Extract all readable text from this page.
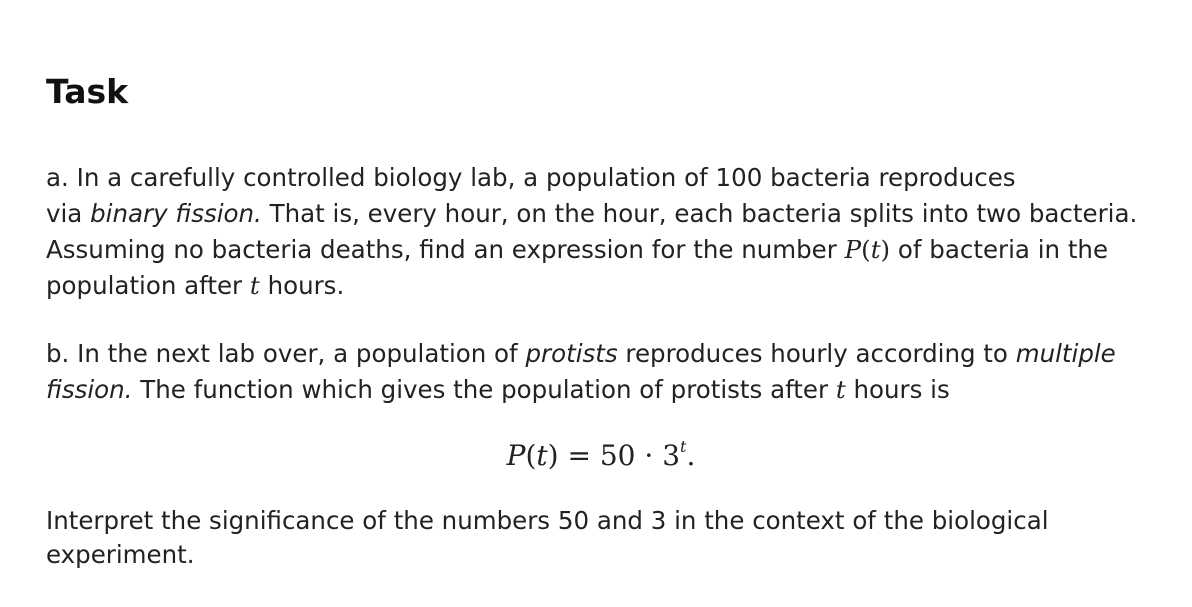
Task

a. In a carefully controlled biology lab, a population of 100 bacteria reproduces
via binary fission. That is, every hour, on the hour, each bacteria splits into two bacteria.
Assuming no bacteria deaths, find an expression for the number P(t) of bacteria in the
population after t hours.

b. In the next lab over, a population of protists reproduces hourly according to multiple
fission. The function which gives the population of protists after t hours is

$P(t) = 50 \cdot 3^t$.

Interpret the significance of the numbers 50 and 3 in the context of the biological
experiment.
